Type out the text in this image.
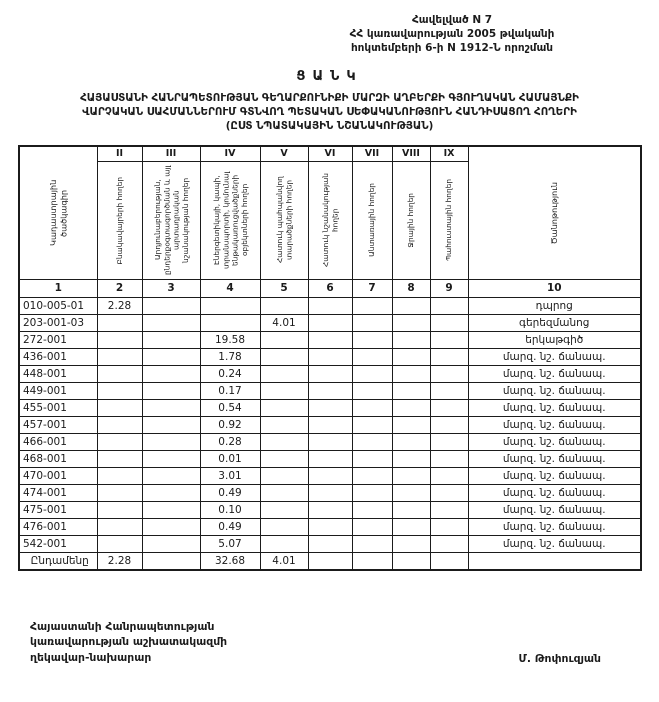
Հավելված N 7
ՀՀ կառավարության 2005 թվականի
հոկտեմբերի 6-ի N 1912-Ն որոշման
ՑԱՆԿ
ՀԱՅԱՍՏԱՆԻ ՀԱՆՐԱՊԵՏՈՒԹՅԱՆ ԳԵՂԱՐՔՈՒՆԻՔԻ ՄԱՐԶԻ ԱՂԲԵՐՔԻ ԳՅՈՒՂԱԿԱՆ ՀԱՄԱՅՆՔԻ
ՎԱՐՉԱԿԱՆ ՍԱՀՄԱՆՆԵՐՈՒՄ ԳՏՆՎՈՂ ՊԵՏԱԿԱՆ ՍԵՓԱԿԱՆՈՒԹՅՈՒՆ ՀԱՆԴԻՍԱՑՈՂ ՀՈՂԵՐԻ
(ԸՍՏ ՆՊԱՏԱԿԱՅԻՆ ՆՇԱՆԱԿՈՒԹՅԱՆ)
Կադաստրային ծածկագիր	II	III	IV	V	VI	VII	VIII	IX	Ծանոթություն

	Բնակավայրերի հողեր	Արդյունաբերության, ընդերքօգտագործման և այլ արտադրական նշանակության հողեր	Էներգետիկայի, կապի, տրանսպորտի, կոմունալ ենթակառուցվածքների օբյեկտների հողեր	Հատուկ պահպանվող տարածքների հողեր	Հատուկ նշանակության հողեր	Անտառային հողեր	Ջրային հողեր	Պահուստային հողեր	

1	2	3	4	5	6	7	8	9	10
010-005-01	2.28								դպրոց
203-001-03				4.01					գերեզմանոց
272-001			19.58						երկաթգիծ
436-001			1.78						մարզ. նշ. ճանապ.
448-001			0.24						մարզ. նշ. ճանապ.
449-001			0.17						մարզ. նշ. ճանապ.
455-001			0.54						մարզ. նշ. ճանապ.
457-001			0.92						մարզ. նշ. ճանապ.
466-001			0.28						մարզ. նշ. ճանապ.
468-001			0.01						մարզ. նշ. ճանապ.
470-001			3.01						մարզ. նշ. ճանապ.
474-001			0.49						մարզ. նշ. ճանապ.
475-001			0.10						մարզ. նշ. ճանապ.
476-001			0.49						մարզ. նշ. ճանապ.
542-001			5.07						մարզ. նշ. ճանապ.
Ընդամենը	2.28		32.68	4.01					
Հայաստանի Հանրապետության
կառավարության աշխատակազմի
ղեկավար-նախարար	Մ. Թոփուզյան
